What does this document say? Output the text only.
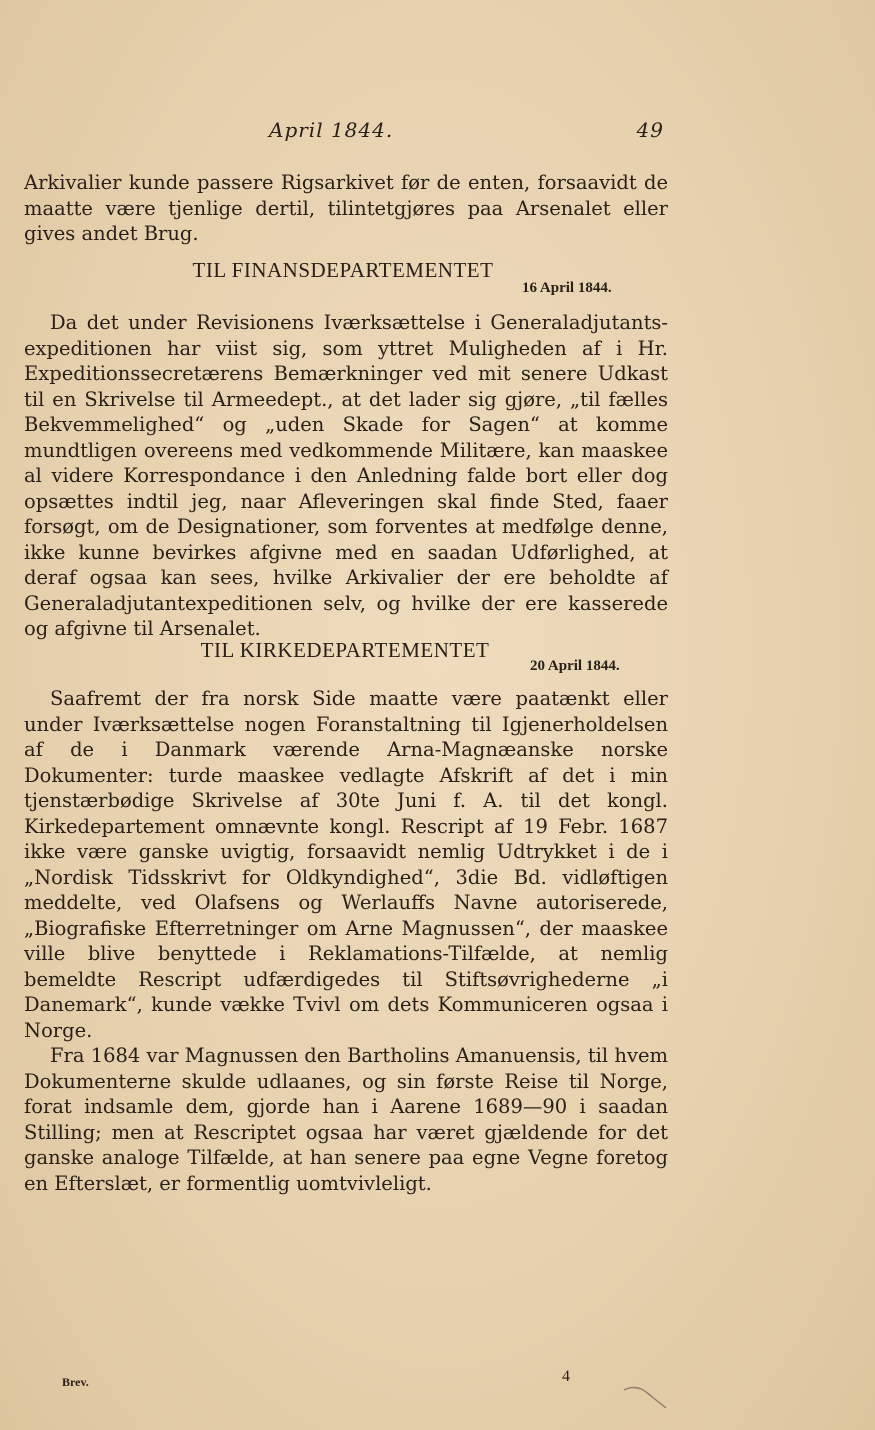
April 1844.	49

Arkivalier kunde passere Rigsarkivet før de enten, forsaavidt de maatte være tjenlige dertil, tilintetgjøres paa Arsenalet eller gives andet Brug.

TIL FINANSDEPARTEMENTET
16 April 1844.

Da det under Revisionens Iværksættelse i Generaladjutants-expeditionen har viist sig, som yttret Muligheden af i Hr. Expeditionssecretærens Bemærkninger ved mit senere Udkast til en Skrivelse til Armeedept., at det lader sig gjøre, „til fælles Bekvemmelighed“ og „uden Skade for Sagen“ at komme mundtligen overeens med vedkommende Militære, kan maaskee al videre Korrespondance i den Anledning falde bort eller dog opsættes indtil jeg, naar Afleveringen skal finde Sted, faaer forsøgt, om de Designationer, som forventes at medfølge denne, ikke kunne bevirkes afgivne med en saadan Udførlighed, at deraf ogsaa kan sees, hvilke Arkivalier der ere beholdte af Generaladjutantexpeditionen selv, og hvilke der ere kasserede og afgivne til Arsenalet.

TIL KIRKEDEPARTEMENTET
20 April 1844.

Saafremt der fra norsk Side maatte være paatænkt eller under Iværksættelse nogen Foranstaltning til Igjenerholdelsen af de i Danmark værende Arna-Magnæanske norske Dokumenter: turde maaskee vedlagte Afskrift af det i min tjenstærbødige Skrivelse af 30te Juni f. A. til det kongl. Kirkedepartement omnævnte kongl. Rescript af 19 Febr. 1687 ikke være ganske uvigtig, forsaavidt nemlig Udtrykket i de i „Nordisk Tidsskrivt for Oldkyndighed“, 3die Bd. vidløftigen meddelte, ved Olafsens og Werlauffs Navne autoriserede, „Biografiske Efterretninger om Arne Magnussen“, der maaskee ville blive benyttede i Reklamations-Tilfælde, at nemlig bemeldte Rescript udfærdigedes til Stiftsøvrighederne „i Danemark“, kunde vække Tvivl om dets Kommuniceren ogsaa i Norge.

Fra 1684 var Magnussen den Bartholins Amanuensis, til hvem Dokumenterne skulde udlaanes, og sin første Reise til Norge, forat indsamle dem, gjorde han i Aarene 1689—90 i saadan Stilling; men at Rescriptet ogsaa har været gjældende for det ganske analoge Tilfælde, at han senere paa egne Vegne foretog en Efterslæt, er formentlig uomtvivleligt.

Brev.	4
